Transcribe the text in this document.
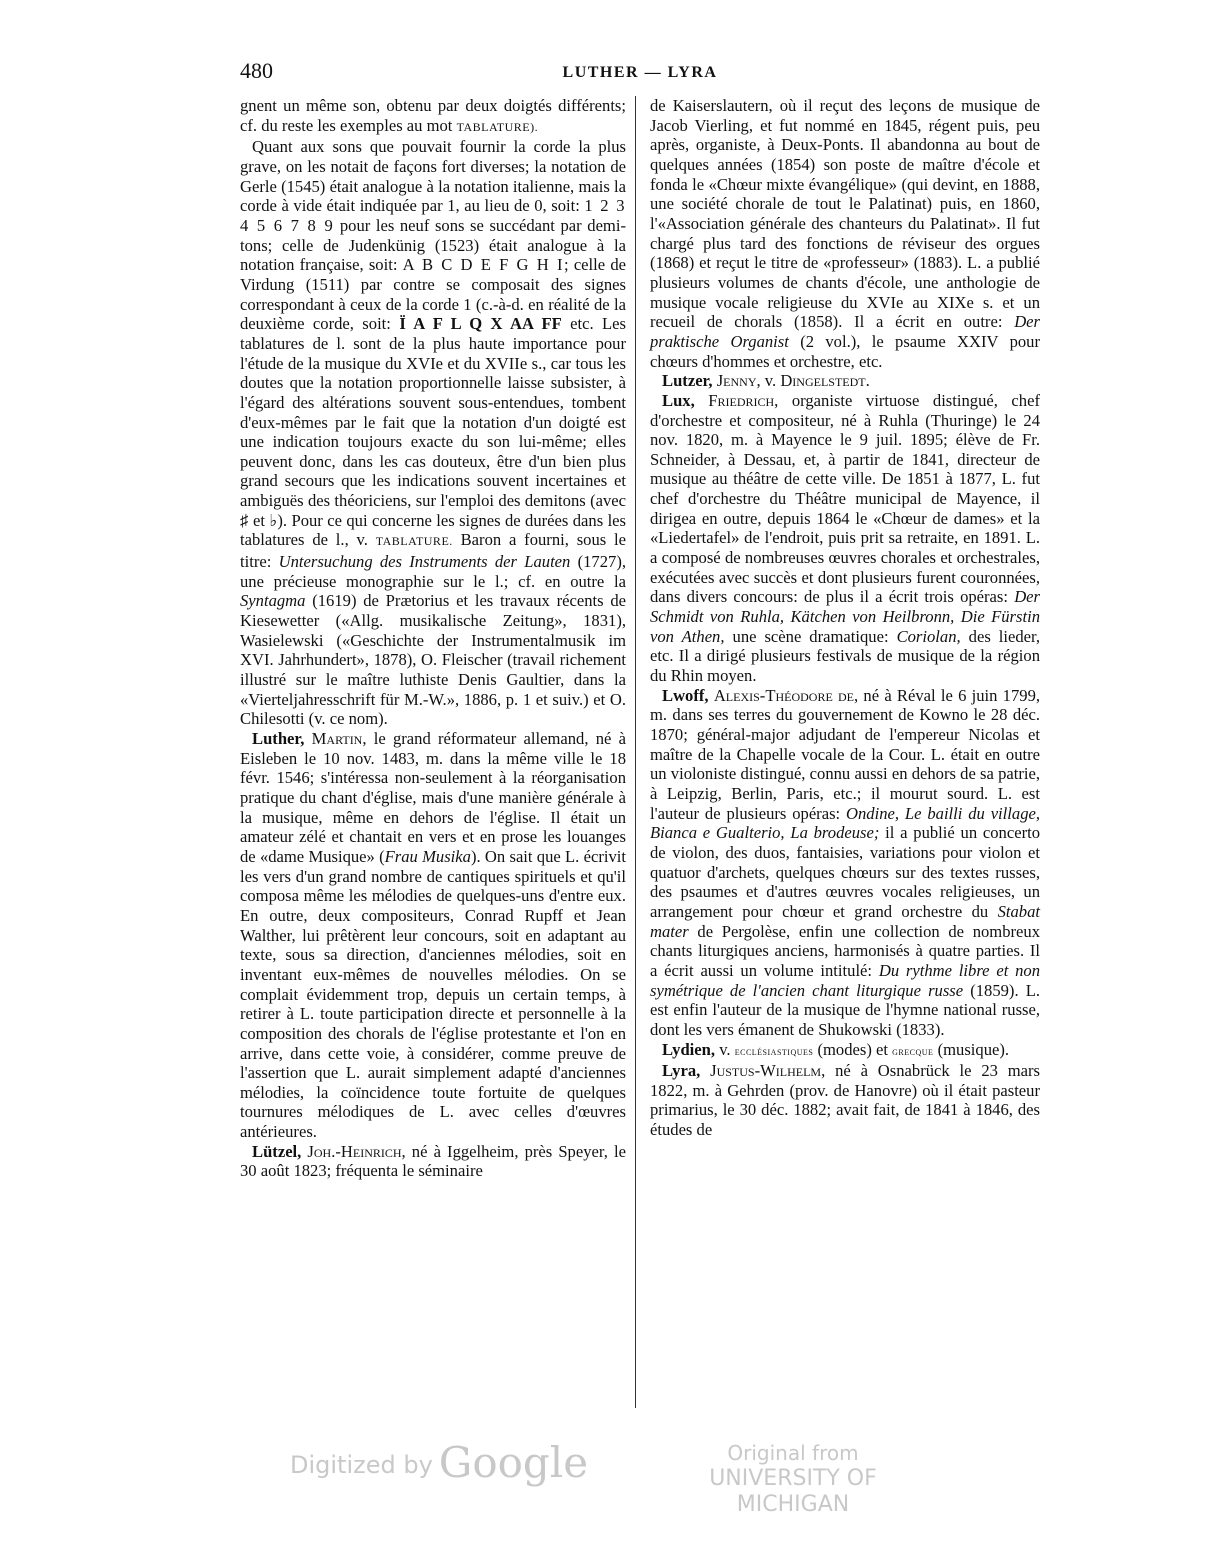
480	LUTHER — LYRA

gnent un même son, obtenu par deux doigtés différents; cf. du reste les exemples au mot TABLATURE).

Quant aux sons que pouvait fournir la corde la plus grave, on les notait de façons fort diverses; la notation de Gerle (1545) était analogue à la notation italienne, mais la corde à vide était indiquée par 1, au lieu de 0, soit: 1 2 3 4 5 6 7 8 9 pour les neuf sons se succédant par demi-tons; celle de Judenkünig (1523) était analogue à la notation française, soit: A B C D E F G H I; celle de Virdung (1511) par contre se composait des signes correspondant à ceux de la corde 1 (c.-à-d. en réalité de la deuxième corde, soit: Ï A F L Q X AA FF etc. Les tablatures de l. sont de la plus haute importance pour l'étude de la musique du XVIe et du XVIIe s., car tous les doutes que la notation proportionnelle laisse subsister, à l'égard des altérations souvent sous-entendues, tombent d'eux-mêmes par le fait que la notation d'un doigté est une indication toujours exacte du son lui-même; elles peuvent donc, dans les cas douteux, être d'un bien plus grand secours que les indications souvent incertaines et ambiguës des théoriciens, sur l'emploi des demitons (avec ♯ et ♭). Pour ce qui concerne les signes de durées dans les tablatures de l., v. TABLATURE. Baron a fourni, sous le titre: Untersuchung des Instruments der Lauten (1727), une précieuse monographie sur le l.; cf. en outre la Syntagma (1619) de Prætorius et les travaux récents de Kiesewetter («Allg. musikalische Zeitung», 1831), Wasielewski («Geschichte der Instrumentalmusik im XVI. Jahrhundert», 1878), O. Fleischer (travail richement illustré sur le maître luthiste Denis Gaultier, dans la «Vierteljahresschrift für M.-W.», 1886, p. 1 et suiv.) et O. Chilesotti (v. ce nom).

Luther, Martin, le grand réformateur allemand, né à Eisleben le 10 nov. 1483, m. dans la même ville le 18 févr. 1546; s'intéressa non-seulement à la réorganisation pratique du chant d'église, mais d'une manière générale à la musique, même en dehors de l'église. Il était un amateur zélé et chantait en vers et en prose les louanges de «dame Musique» (Frau Musika). On sait que L. écrivit les vers d'un grand nombre de cantiques spirituels et qu'il composa même les mélodies de quelques-uns d'entre eux. En outre, deux compositeurs, Conrad Rupff et Jean Walther, lui prêtèrent leur concours, soit en adaptant au texte, sous sa direction, d'anciennes mélodies, soit en inventant eux-mêmes de nouvelles mélodies. On se complait évidemment trop, depuis un certain temps, à retirer à L. toute participation directe et personnelle à la composition des chorals de l'église protestante et l'on en arrive, dans cette voie, à considérer, comme preuve de l'assertion que L. aurait simplement adapté d'anciennes mélodies, la coïncidence toute fortuite de quelques tournures mélodiques de L. avec celles d'œuvres antérieures.

Lützel, Joh.-Heinrich, né à Iggelheim, près Speyer, le 30 août 1823; fréquenta le séminaire

de Kaiserslautern, où il reçut des leçons de musique de Jacob Vierling, et fut nommé en 1845, régent puis, peu après, organiste, à Deux-Ponts. Il abandonna au bout de quelques années (1854) son poste de maître d'école et fonda le «Chœur mixte évangélique» (qui devint, en 1888, une société chorale de tout le Palatinat) puis, en 1860, l'«Association générale des chanteurs du Palatinat». Il fut chargé plus tard des fonctions de réviseur des orgues (1868) et reçut le titre de «professeur» (1883). L. a publié plusieurs volumes de chants d'école, une anthologie de musique vocale religieuse du XVIe au XIXe s. et un recueil de chorals (1858). Il a écrit en outre: Der praktische Organist (2 vol.), le psaume XXIV pour chœurs d'hommes et orchestre, etc.

Lutzer, Jenny, v. Dingelstedt.

Lux, Friedrich, organiste virtuose distingué, chef d'orchestre et compositeur, né à Ruhla (Thuringe) le 24 nov. 1820, m. à Mayence le 9 juil. 1895; élève de Fr. Schneider, à Dessau, et, à partir de 1841, directeur de musique au théâtre de cette ville. De 1851 à 1877, L. fut chef d'orchestre du Théâtre municipal de Mayence, il dirigea en outre, depuis 1864 le «Chœur de dames» et la «Liedertafel» de l'endroit, puis prit sa retraite, en 1891. L. a composé de nombreuses œuvres chorales et orchestrales, exécutées avec succès et dont plusieurs furent couronnées, dans divers concours: de plus il a écrit trois opéras: Der Schmidt von Ruhla, Kätchen von Heilbronn, Die Fürstin von Athen, une scène dramatique: Coriolan, des lieder, etc. Il a dirigé plusieurs festivals de musique de la région du Rhin moyen.

Lwoff, Alexis-Théodore de, né à Réval le 6 juin 1799, m. dans ses terres du gouvernement de Kowno le 28 déc. 1870; général-major adjudant de l'empereur Nicolas et maître de la Chapelle vocale de la Cour. L. était en outre un violoniste distingué, connu aussi en dehors de sa patrie, à Leipzig, Berlin, Paris, etc.; il mourut sourd. L. est l'auteur de plusieurs opéras: Ondine, Le bailli du village, Bianca e Gualterio, La brodeuse; il a publié un concerto de violon, des duos, fantaisies, variations pour violon et quatuor d'archets, quelques chœurs sur des textes russes, des psaumes et d'autres œuvres vocales religieuses, un arrangement pour chœur et grand orchestre du Stabat mater de Pergolèse, enfin une collection de nombreux chants liturgiques anciens, harmonisés à quatre parties. Il a écrit aussi un volume intitulé: Du rythme libre et non symétrique de l'ancien chant liturgique russe (1859). L. est enfin l'auteur de la musique de l'hymne national russe, dont les vers émanent de Shukowski (1833).

Lydien, v. ecclésiastiques (modes) et grecque (musique).

Lyra, Justus-Wilhelm, né à Osnabrück le 23 mars 1822, m. à Gehrden (prov. de Hanovre) où il était pasteur primarius, le 30 déc. 1882; avait fait, de 1841 à 1846, des études de

Digitized by Google	Original from
UNIVERSITY OF MICHIGAN
